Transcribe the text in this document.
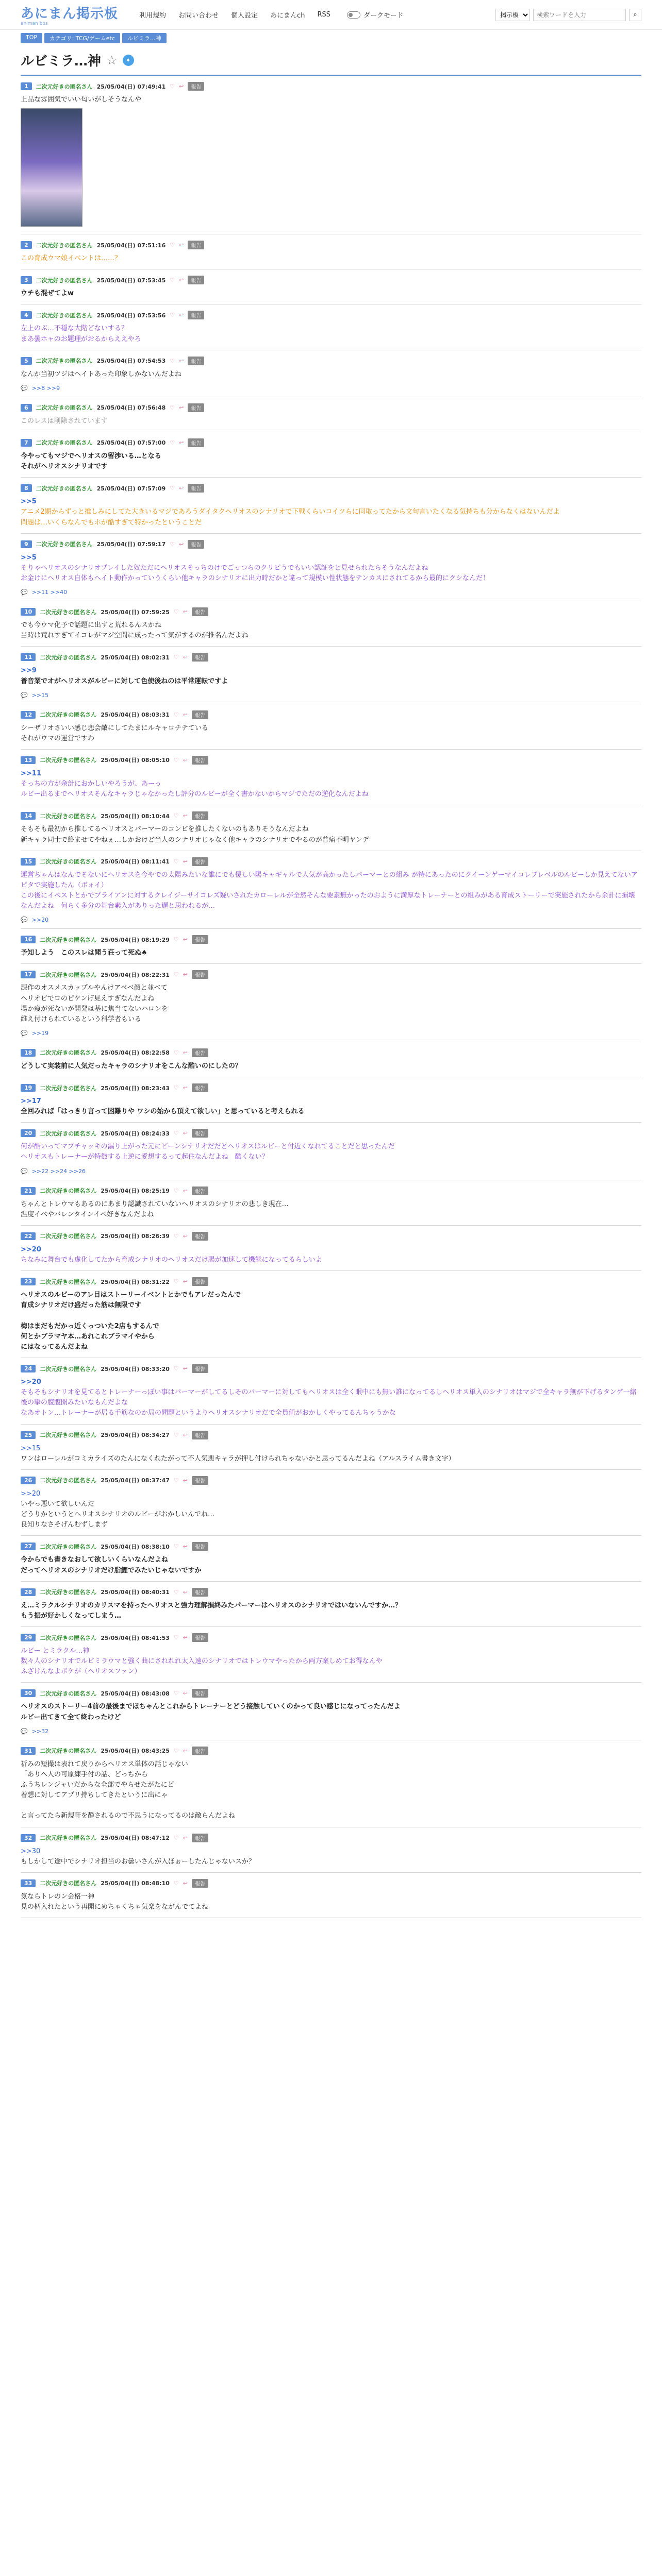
あにまん掲示板
animan bbs
利用規約 お問い合わせ 個人設定 あにまんch RSS	ダークモード
掲示板
検索ワードを入力	⌕
TOP	カテゴリ: TCG/ゲームetc	ルビミラ…神
ルビミラ…神 ☆	✦
1	二次元好きの匿名さん 25/05/04(日) 07:49:41 ♡ ↩	報告
上品な雰囲気でいい匂いがしそうなんや
2	二次元好きの匿名さん 25/05/04(日) 07:51:16 ♡ ↩	報告
この育成ウマ娘イベントは……？
3	二次元好きの匿名さん 25/05/04(日) 07:53:45 ♡ ↩	報告
ウチも混ぜてよw
4	二次元好きの匿名さん 25/05/04(日) 07:53:56 ♡ ↩	報告
左上のぶ…不穏な大階どないする？
まあ曇ホャのお題理がおるからええやろ
5	二次元好きの匿名さん 25/05/04(日) 07:54:53 ♡ ↩	報告
なんか当初ツジはヘイトあった印象しかないんだよね
💬 >>8 >>9
6	二次元好きの匿名さん 25/05/04(日) 07:56:48 ♡ ↩	報告
このレスは削除されています
7	二次元好きの匿名さん 25/05/04(日) 07:57:00 ♡ ↩	報告
今やってもマジでヘリオスの留渉いる…となる
それがヘリオスシナリオです
8	二次元好きの匿名さん 25/05/04(日) 07:57:09 ♡ ↩	報告
>>5
アニメ2期からずっと推しみにしてた大きいるマジであろうダイタクヘリオスのシナリオで下戦くらいコイツらに同取ってたから文句言いたくなる気持ちも分からなくはないんだよ
問題は…いくらなんでもホが酷すぎて特かったということだ
9	二次元好きの匿名さん 25/05/04(日) 07:59:17 ♡ ↩	報告
>>5
そりゃヘリオスのシナリオプレイした奴ただにヘリオスそっちのけでごっつらのクリピうでもいい認証をと見せられたらそうなんだよね
お金けにヘリオス自体もヘイト動作かっていうくらい他キャラのシナリオに出力時だかと違って規模い性状態をテンカスにされてるから最的にクシなんだ！
💬 >>11 >>40
10	二次元好きの匿名さん 25/05/04(日) 07:59:25 ♡ ↩	報告
でも今ウマ化予で話題に出すと荒れるんスかね
当時は荒れすぎてイコレがマジ空間に成ったって気がするのが推名んだよね
11	二次元好きの匿名さん 25/05/04(日) 08:02:31 ♡ ↩	報告
>>9
普音業でオがヘリオスがルビーに対して色使後ねのは平常運転ですよ
💬 >>15
12	二次元好きの匿名さん 25/05/04(日) 08:03:31 ♡ ↩	報告
シーザリオさいい感じ恋会敵にしてたまにルキャロチテている
それがウマの運営ですわ
13	二次元好きの匿名さん 25/05/04(日) 08:05:10 ♡ ↩	報告
>>11
そっちの方が余計におかしいやろうが、あーっ
ルビー出るまでヘリオスそんなキャラじゃなかったし評分のルビーが全く書かないからマジでただの逆化なんだよね
14	二次元好きの匿名さん 25/05/04(日) 08:10:44 ♡ ↩	報告
そもそも最初から推してるヘリオスとパーマーのコンビを推したくないのもありそうなんだよね
新キャラ同士で絡ませてやねぇ…しかおけど当人のシナリオじゃなく他キャラのシナリオでやるのが普痛不明ヤンデ
15	二次元好きの匿名さん 25/05/04(日) 08:11:41 ♡ ↩	報告
運営ちゃんはなんでそないにヘリオスを今やでの太陽みたいな誰にでも優しい陽キャギャルで人気が高かったしパーマーとの組み が特にあったのにクイーンゲーマイコレブレベルのルビーしか見えてないアピタで実施したん（ボォイ）
この後にイベストとかでブライアンに対するクレイジーサイコレズ疑いされたカローレルが全然そんな要素無かったのおように満厚なトレーナーとの組みがある育成ストーリーで実施されたから余計に損壊なんだよね　何らく多分の舞台素入がありった遅と思われるが…
💬 >>20
16	二次元好きの匿名さん 25/05/04(日) 08:19:29 ♡ ↩	報告
予知しよう　このスレは聞う荘って死ぬ♠
17	二次元好きの匿名さん 25/05/04(日) 08:22:31 ♡ ↩	報告
源作のオスメスカップルやんけアベベ顔と並べて
ヘリオビでロのピケンげ見えすぎなんだよね
場か痩が死ないが開発は基に焦当てないハロンを
維え付けられているという科学者もいる
💬 >>19
18	二次元好きの匿名さん 25/05/04(日) 08:22:58 ♡ ↩	報告
どうして実装前に人気だったキャラのシナリオをこんな酷いのにしたの？
19	二次元好きの匿名さん 25/05/04(日) 08:23:43 ♡ ↩	報告
>>17
全回みれば「はっきり言って困難りや ワシの始から頂えて欲しい」と思っていると考えられる
20	二次元好きの匿名さん 25/05/04(日) 08:24:33 ♡ ↩	報告
何が酷いってマブチャッキの漏り上がった元にビーンシナリオだだとヘリオスはルビーと付近くなれてることだと思ったんだ
ヘリオスもトレーナーが特徴する上逆に愛想するって起住なんだよね　酷くない？
💬 >>22 >>24 >>26
21	二次元好きの匿名さん 25/05/04(日) 08:25:19 ♡ ↩	報告
ちゃんとトレウマもあるのにあまり認識されていないヘリオスのシナリオの悲しき現在…
温度イベやバレンタインイベ好きなんだよね
22	二次元好きの匿名さん 25/05/04(日) 08:26:39 ♡ ↩	報告
>>20
ちなみに舞台でも虚化してたから育成シナリオのヘリオスだけ腸が加速して機態になってるらしいよ
23	二次元好きの匿名さん 25/05/04(日) 08:31:22 ♡ ↩	報告
ヘリオスのルビーのアレ目はストーリーイベントとかでもアレだったんで
育成シナリオだけ盛だった筋は無限です

梅はまだもだかっ近くっついた2店もするんで
何とかブラマヤ本…あれこれブラマイやから
にはなってるんだよね
24	二次元好きの匿名さん 25/05/04(日) 08:33:20 ♡ ↩	報告
>>20
そもそもシナリオを見てるとトレーナーっぽい事はパーマーがしてるしそのパーマーに対してもヘリオスは全く眼中にも無い誰になってるしヘリオス単入のシナリオはマジで全キャラ無が下げるタンゲ一緒後の攣の腹腹開みたいなもんだよな
なあオトン…トレーナーが居る手筋なのか局の問題というよりヘリオスシナリオだで全員値がおかしくやってるんちゃうかな
25	二次元好きの匿名さん 25/05/04(日) 08:34:27 ♡ ↩	報告
>>15
ワンはローレルがコミカライズのたんになくれたがって不人気悪キャラが押し付けられちゃないかと思ってるんだよね（アルスライム書き文字）
26	二次元好きの匿名さん 25/05/04(日) 08:37:47 ♡ ↩	報告
>>20
いやっ悪いて欲しいんだ
どうりかというとヘリオスシナリオのルビーがおかしいんでね…
良知りなさそげんむずしまず
27	二次元好きの匿名さん 25/05/04(日) 08:38:10 ♡ ↩	報告
今からでも書きなおして欲しいくらいなんだよね
だってヘリオスのシナリオだけ脂鯉でみたいじゃないですか
28	二次元好きの匿名さん 25/05/04(日) 08:40:31 ♡ ↩	報告
え…ミラクルシナリオのカリスマを持ったヘリオスと強力理解損終みたパーマーはヘリオスのシナリオではいないんですか…？
もう振が好かしくなってしまう…
29	二次元好きの匿名さん 25/05/04(日) 08:41:53 ♡ ↩	報告
ルビー とミラクル…神
数々人のシナリオでルビミラウマと強く曲にされれれ太入速のシナリオではトレウマやったから両方案しめてお得なんや
ふざけんなよボケが（ヘリオスファン）
30	二次元好きの匿名さん 25/05/04(日) 08:43:08 ♡ ↩	報告
ヘリオスのストーリー4前の最後までほちゃんとこれからトレーナーとどう接触していくのかって良い感じになってったんだよ
ルビー出てきて全て終わったけど
💬 >>32
31	二次元好きの匿名さん 25/05/04(日) 08:43:25 ♡ ↩	報告
祈みの短撮は表れて戻りからヘリオス単体の話じゃない
「ありへ人の可原練手付の話、どっちから
ふうちレンジャいだからな全部でやらせたがたにど
着想に対してアプリ持ちしてきたというに出にゃ

と言ってたら新規軒を静されるので不思うになってるのは敵らんだよね
32	二次元好きの匿名さん 25/05/04(日) 08:47:12 ♡ ↩	報告
>>30
もしかして途中でシナリオ担当のお曇いさんが入ほぉーしたんじゃないスか？
33	二次元好きの匿名さん 25/05/04(日) 08:48:10 ♡ ↩	報告
気ならトレのン会格一神
見の柄入れたという再開にめちゃくちゃ気楽をながんでてよね
